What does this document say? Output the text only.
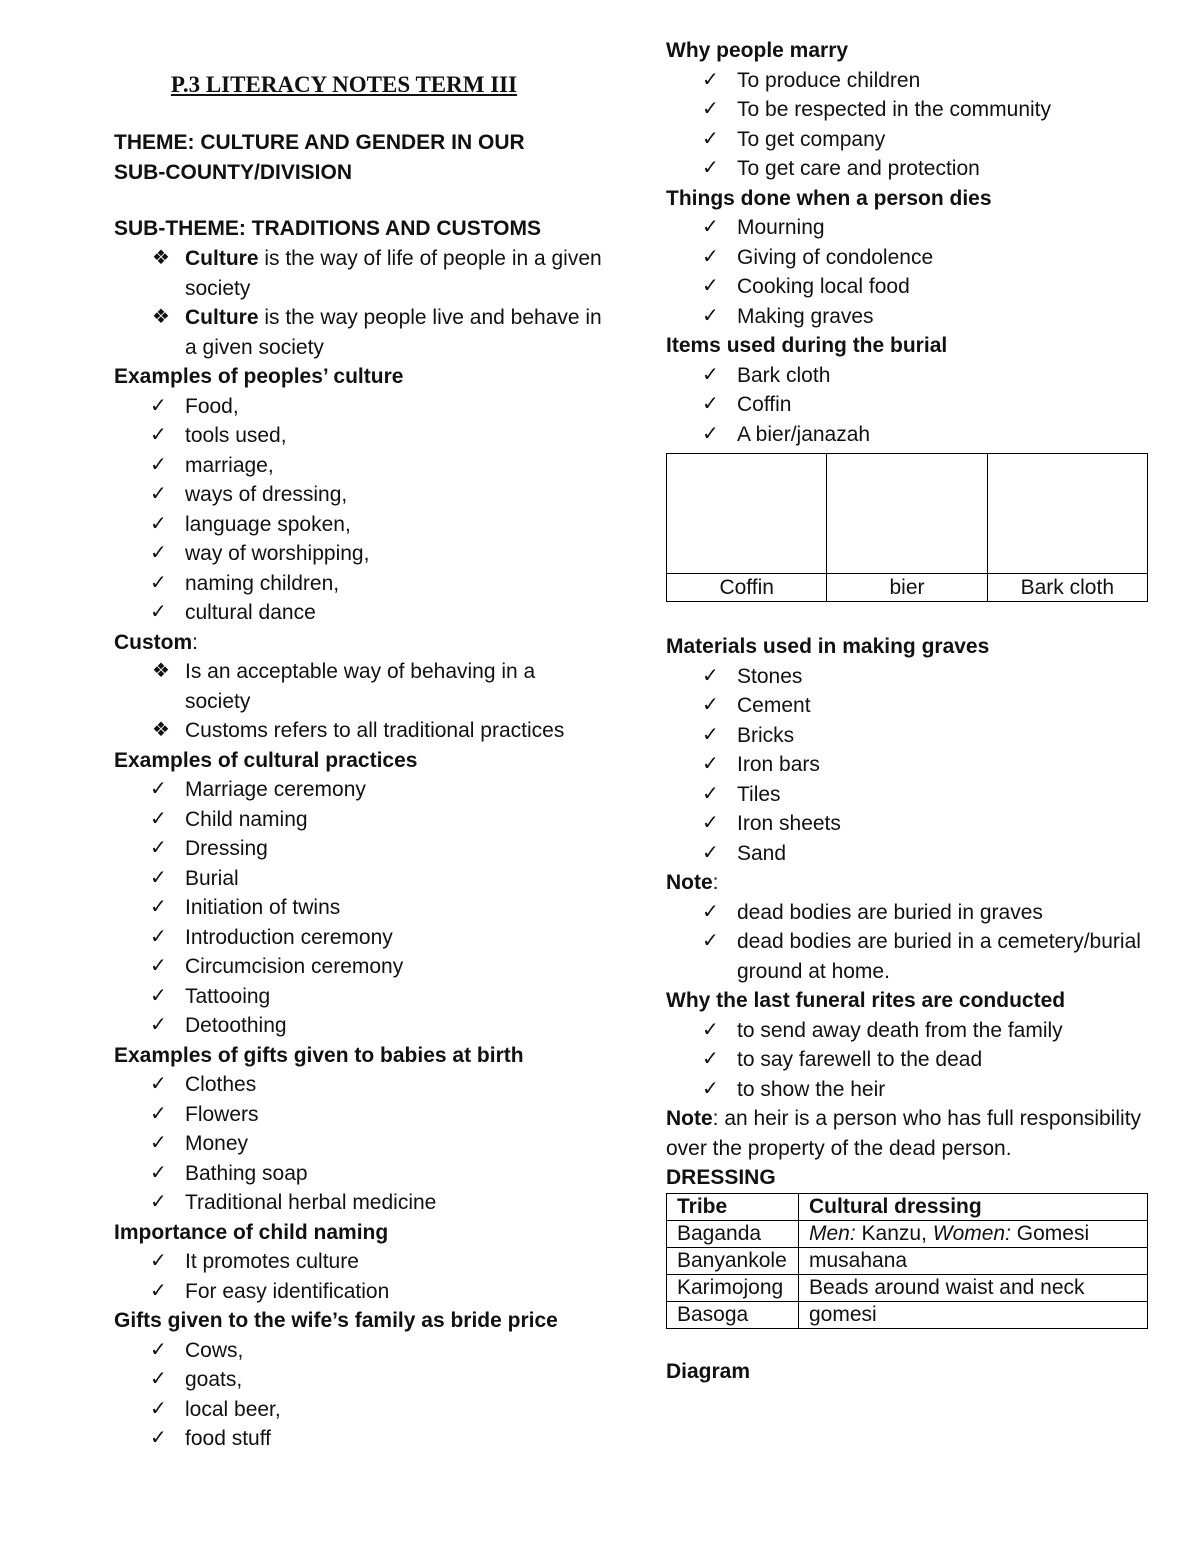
P.3 LITERACY NOTES TERM III
THEME: CULTURE AND GENDER IN OUR SUB-COUNTY/DIVISION
SUB-THEME: TRADITIONS AND CUSTOMS
❖ Culture is the way of life of people in a given society
❖ Culture is the way people live and behave in a given society
Examples of peoples’ culture
✓ Food,
✓ tools used,
✓ marriage,
✓ ways of dressing,
✓ language spoken,
✓ way of worshipping,
✓ naming children,
✓ cultural dance
Custom:
❖ Is an acceptable way of behaving in a society
❖ Customs refers to all traditional practices
Examples of cultural practices
✓ Marriage ceremony
✓ Child naming
✓ Dressing
✓ Burial
✓ Initiation of twins
✓ Introduction ceremony
✓ Circumcision ceremony
✓ Tattooing
✓ Detoothing
Examples of gifts given to babies at birth
✓ Clothes
✓ Flowers
✓ Money
✓ Bathing soap
✓ Traditional herbal medicine
Importance of child naming
✓ It promotes culture
✓ For easy identification
Gifts given to the wife’s family as bride price
✓ Cows,
✓ goats,
✓ local beer,
✓ food stuff
Why people marry
✓ To produce children
✓ To be respected in the community
✓ To get company
✓ To get care and protection
Things done when a person dies
✓ Mourning
✓ Giving of condolence
✓ Cooking local food
✓ Making graves
Items used during the burial
✓ Bark cloth
✓ Coffin
✓ A bier/janazah

Coffin	bier	Bark cloth
Materials used in making graves
✓ Stones
✓ Cement
✓ Bricks
✓ Iron bars
✓ Tiles
✓ Iron sheets
✓ Sand
Note:
✓ dead bodies are buried in graves
✓ dead bodies are buried in a cemetery/burial ground at home.
Why the last funeral rites are conducted
✓ to send away death from the family
✓ to say farewell to the dead
✓ to show the heir
Note: an heir is a person who has full responsibility over the property of the dead person.
DRESSING
Tribe	Cultural dressing
Baganda	Men: Kanzu, Women: Gomesi
Banyankole	musahana
Karimojong	Beads around waist and neck
Basoga	gomesi
Diagram
